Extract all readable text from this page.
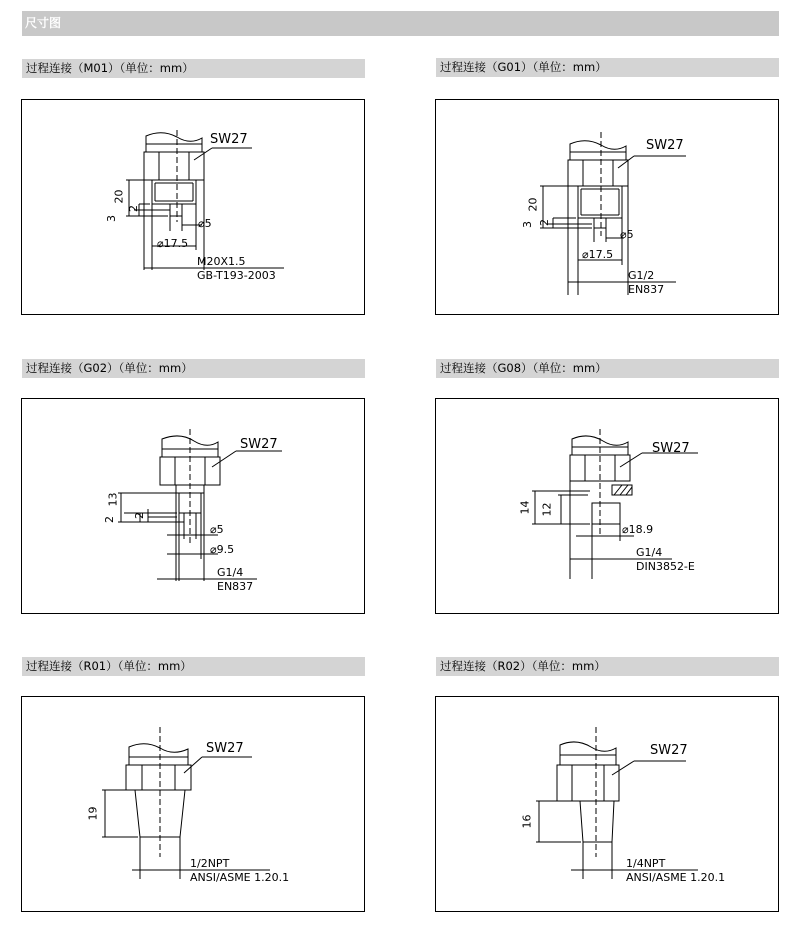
尺寸图
过程连接（M01）（单位：mm）	过程连接（G01）（单位：mm）
过程连接（G02）（单位：mm）	过程连接（G08）（单位：mm）
过程连接（R01）（单位：mm）	过程连接（R02）（单位：mm）
SW27
20
3
2
⌀5
⌀17.5
M20X1.5
GB-T193-2003
SW27
20
3 2
⌀5
⌀17.5
G1/2
EN837
SW27
13
2
2
⌀5
⌀9.5
G1/4
EN837
SW27
14 12
⌀18.9
G1/4
DIN3852-E
SW27
19
1/2NPT
ANSI/ASME 1.20.1
SW27
16
1/4NPT
ANSI/ASME 1.20.1
